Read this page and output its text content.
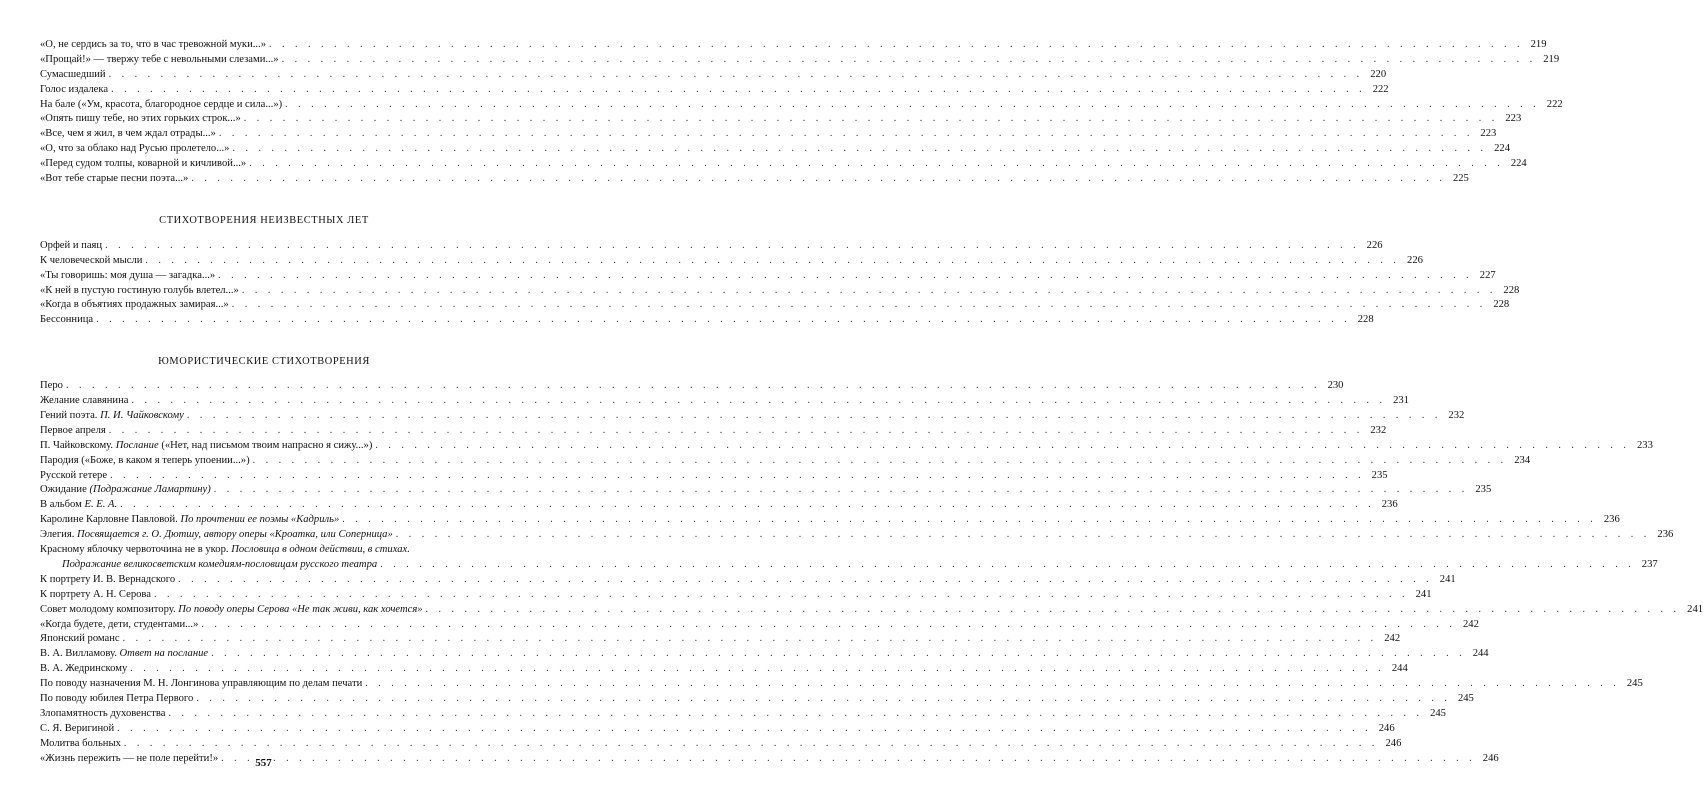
«О, не сердись за то, что в час тревожной муки...» . . .	219
«Прощай!» — твержу тебе с невольными слезами...» . . .	219
Сумасшедший . . .	220
Голос издалека . . .	222
На бале («Ум, красота, благородное сердце и сила...») . . .	222
«Опять пишу тебе, но этих горьких строк...» . . .	223
«Все, чем я жил, в чем ждал отрады...» . . .	223
«О, что за облако над Русью пролетело...» . . .	224
«Перед судом толпы, коварной и кичливой...» . . .	224
«Вот тебе старые песни поэта...» . . .	225
СТИХОТВОРЕНИЯ НЕИЗВЕСТНЫХ ЛЕТ
Орфей и паяц . . .	226
К человеческой мысли . . .	226
«Ты говоришь: моя душа — загадка...» . . .	227
«К ней в пустую гостиную голубь влетел...» . . .	228
«Когда в объятиях продажных замирая...» . . .	228
Бессонница . . .	228
ЮМОРИСТИЧЕСКИЕ СТИХОТВОРЕНИЯ
Перо . . .	230
Желание славянина . . .	231
Гений поэта. П. И. Чайковскому . . .	232
Первое апреля . . .	232
П. Чайковскому. Послание («Нет, над письмом твоим напрасно я сижу...») . . .	233
Пародия («Боже, в каком я теперь упоении...») . . .	234
Русской гетере . . .	235
Ожидание (Подражание Ламартину) . . .	235
В альбом Е. Е. А. . . .	236
Каролине Карловне Павловой. По прочтении ее поэмы «Кадриль» . . .	236
Элегия. Посвящается г. О. Дютшу, автору оперы «Кроатка, или Соперница» . . .	236
Красному яблочку червоточина не в укор. Пословица в одном действии, в стихах.
Подражание великосветским комедиям-пословицам русского театра . . .	237
К портрету И. В. Вернадского . . .	241
К портрету А. Н. Серова . . .	241
Совет молодому композитору. По поводу оперы Серова «Не так живи, как хочется» . . .	241
«Когда будете, дети, студентами...» . . .	242
Японский романс . . .	242
В. А. Вилламову. Ответ на послание . . .	244
В. А. Жедринскому . . .	244
По поводу назначения М. Н. Лонгинова управляющим по делам печати . . .	245
По поводу юбилея Петра Первого . . .	245
Злопамятность духовенства . . .	245
С. Я. Веригиной . . .	246
Молитва больных . . .	246
«Жизнь пережить — не поле перейти!» . . .	246
557
